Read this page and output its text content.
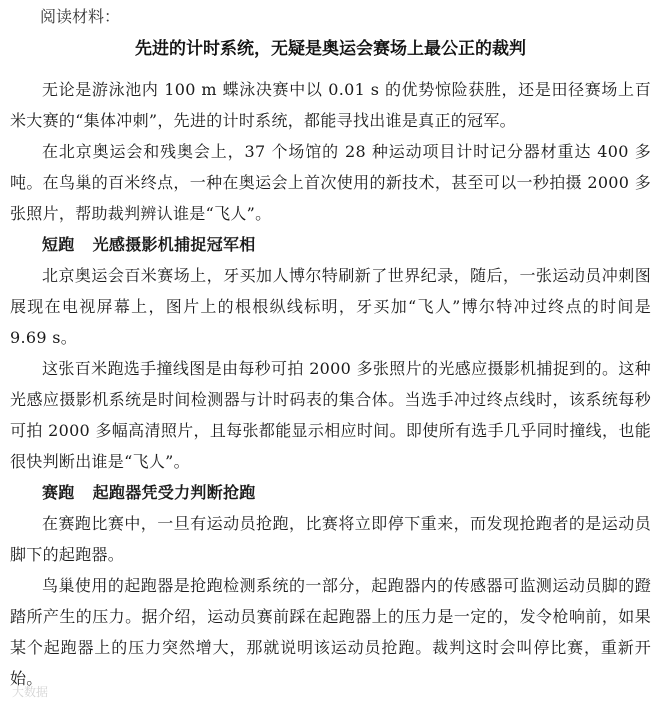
阅读材料：
先进的计时系统，无疑是奥运会赛场上最公正的裁判

无论是游泳池内 100 m 蝶泳决赛中以 0.01 s 的优势惊险获胜，还是田径赛场上百米大赛的“集体冲刺”，先进的计时系统，都能寻找出谁是真正的冠军。

在北京奥运会和残奥会上，37 个场馆的 28 种运动项目计时记分器材重达 400 多吨。在鸟巢的百米终点，一种在奥运会上首次使用的新技术，甚至可以一秒拍摄 2000 多张照片，帮助裁判辨认谁是“飞人”。

短跑 光感摄影机捕捉冠军相

北京奥运会百米赛场上，牙买加人博尔特刷新了世界纪录，随后，一张运动员冲刺图展现在电视屏幕上，图片上的根根纵线标明，牙买加“飞人”博尔特冲过终点的时间是 9.69 s。

这张百米跑选手撞线图是由每秒可拍 2000 多张照片的光感应摄影机捕捉到的。这种光感应摄影机系统是时间检测器与计时码表的集合体。当选手冲过终点线时，该系统每秒可拍 2000 多幅高清照片，且每张都能显示相应时间。即使所有选手几乎同时撞线，也能很快判断出谁是“飞人”。

赛跑 起跑器凭受力判断抢跑

在赛跑比赛中，一旦有运动员抢跑，比赛将立即停下重来，而发现抢跑者的是运动员脚下的起跑器。

鸟巢使用的起跑器是抢跑检测系统的一部分，起跑器内的传感器可监测运动员脚的蹬踏所产生的压力。据介绍，运动员赛前踩在起跑器上的压力是一定的，发令枪响前，如果某个起跑器上的压力突然增大，那就说明该运动员抢跑。裁判这时会叫停比赛，重新开始。

大数据
